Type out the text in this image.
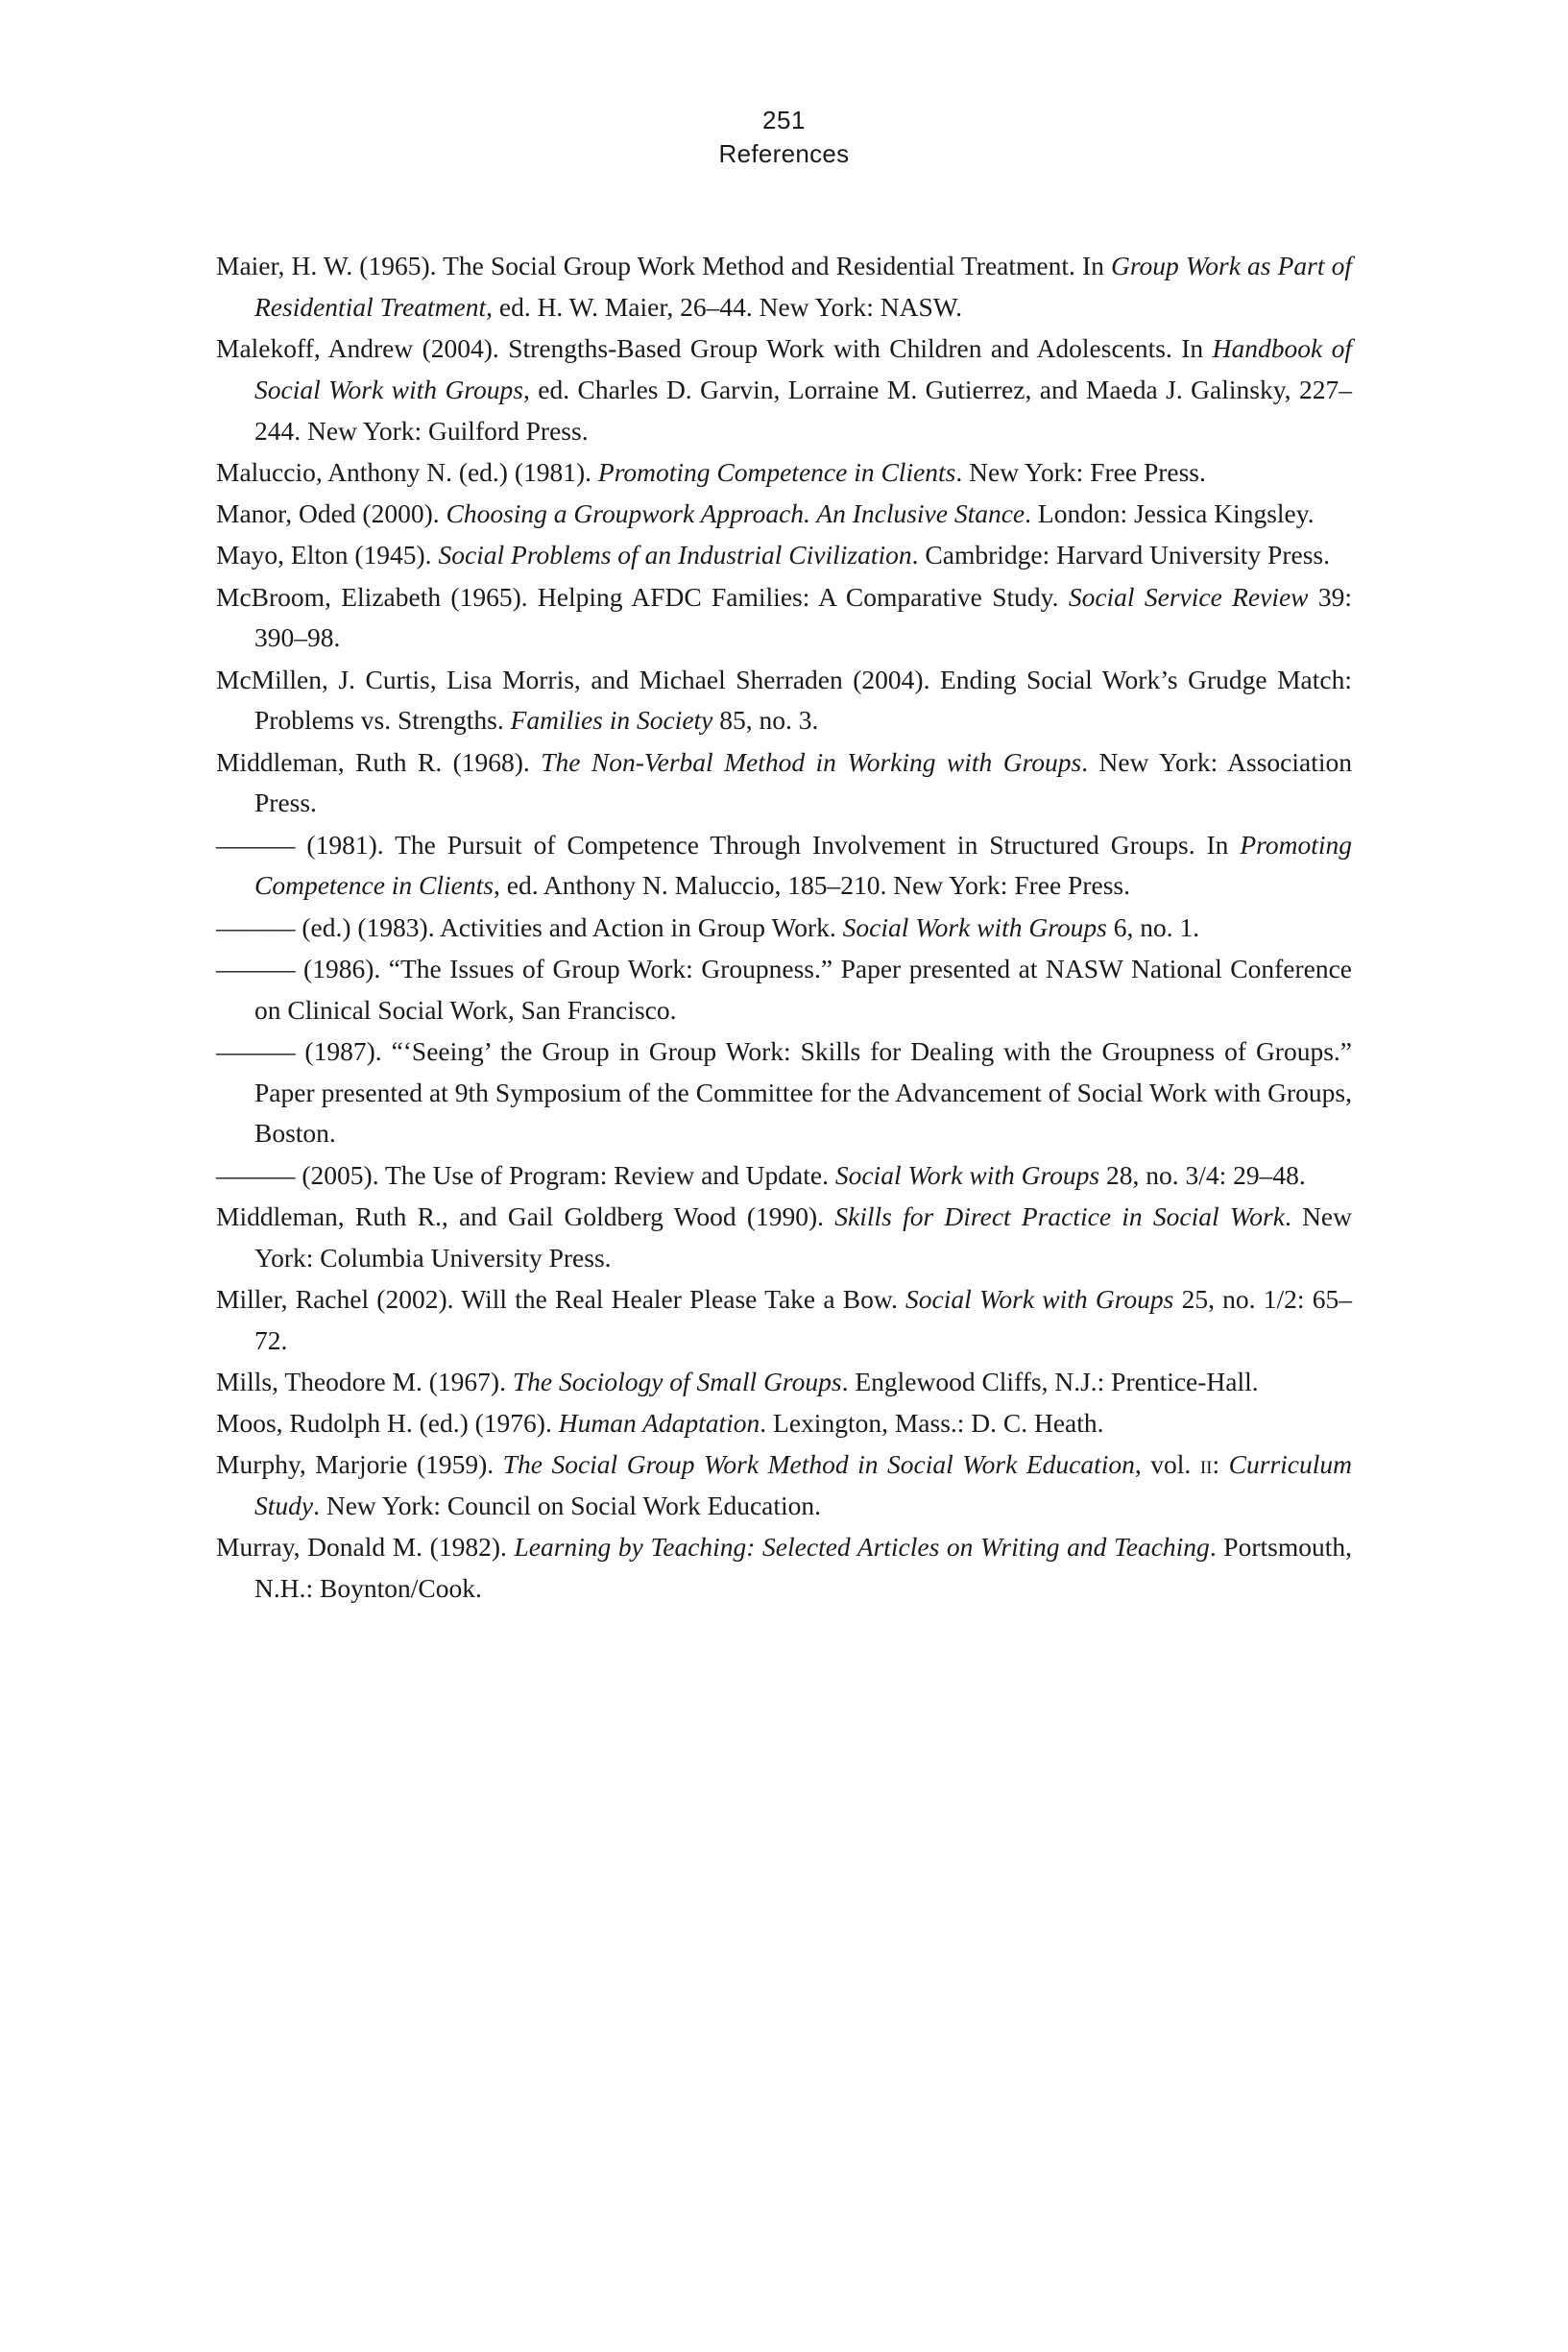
251
References

Maier, H. W. (1965). The Social Group Work Method and Residential Treatment. In Group Work as Part of Residential Treatment, ed. H. W. Maier, 26–44. New York: NASW.

Malekoff, Andrew (2004). Strengths-Based Group Work with Children and Adolescents. In Handbook of Social Work with Groups, ed. Charles D. Garvin, Lorraine M. Gutierrez, and Maeda J. Galinsky, 227–244. New York: Guilford Press.

Maluccio, Anthony N. (ed.) (1981). Promoting Competence in Clients. New York: Free Press.

Manor, Oded (2000). Choosing a Groupwork Approach. An Inclusive Stance. London: Jessica Kingsley.

Mayo, Elton (1945). Social Problems of an Industrial Civilization. Cambridge: Harvard University Press.

McBroom, Elizabeth (1965). Helping AFDC Families: A Comparative Study. Social Service Review 39: 390–98.

McMillen, J. Curtis, Lisa Morris, and Michael Sherraden (2004). Ending Social Work’s Grudge Match: Problems vs. Strengths. Families in Society 85, no. 3.

Middleman, Ruth R. (1968). The Non-Verbal Method in Working with Groups. New York: Association Press.

——— (1981). The Pursuit of Competence Through Involvement in Structured Groups. In Promoting Competence in Clients, ed. Anthony N. Maluccio, 185–210. New York: Free Press.

——— (ed.) (1983). Activities and Action in Group Work. Social Work with Groups 6, no. 1.

——— (1986). “The Issues of Group Work: Groupness.” Paper presented at NASW National Conference on Clinical Social Work, San Francisco.

——— (1987). “‘Seeing’ the Group in Group Work: Skills for Dealing with the Groupness of Groups.” Paper presented at 9th Symposium of the Committee for the Advancement of Social Work with Groups, Boston.

——— (2005). The Use of Program: Review and Update. Social Work with Groups 28, no. 3/4: 29–48.

Middleman, Ruth R., and Gail Goldberg Wood (1990). Skills for Direct Practice in Social Work. New York: Columbia University Press.

Miller, Rachel (2002). Will the Real Healer Please Take a Bow. Social Work with Groups 25, no. 1/2: 65–72.

Mills, Theodore M. (1967). The Sociology of Small Groups. Englewood Cliffs, N.J.: Prentice-Hall.

Moos, Rudolph H. (ed.) (1976). Human Adaptation. Lexington, Mass.: D. C. Heath.

Murphy, Marjorie (1959). The Social Group Work Method in Social Work Education, vol. ii: Curriculum Study. New York: Council on Social Work Education.

Murray, Donald M. (1982). Learning by Teaching: Selected Articles on Writing and Teaching. Portsmouth, N.H.: Boynton/Cook.
